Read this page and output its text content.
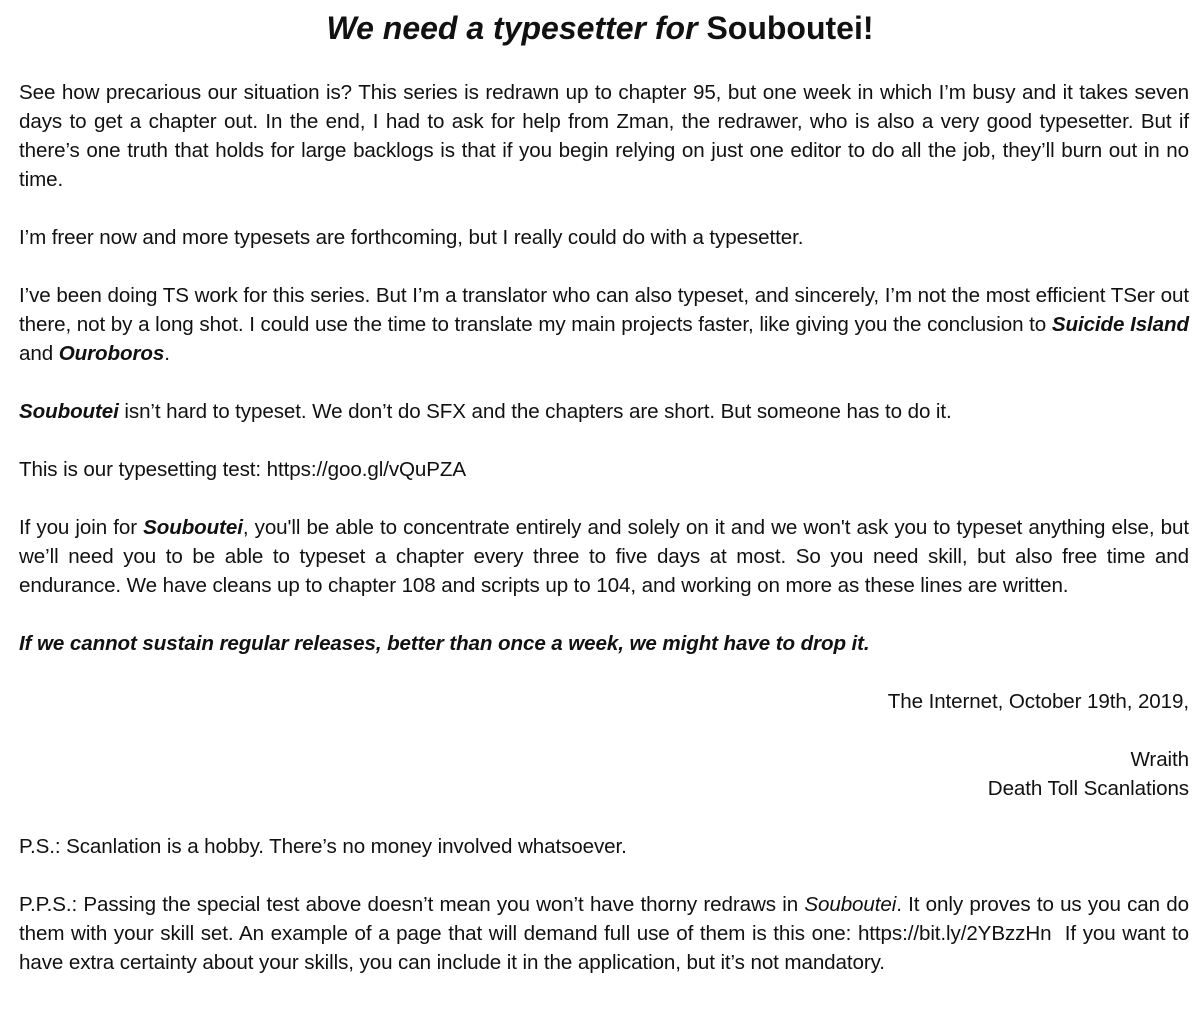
We need a typesetter for Souboutei!

See how precarious our situation is? This series is redrawn up to chapter 95, but one week in which I’m busy and it takes seven days to get a chapter out. In the end, I had to ask for help from Zman, the redrawer, who is also a very good typesetter. But if there’s one truth that holds for large backlogs is that if you begin relying on just one editor to do all the job, they’ll burn out in no time.

I’m freer now and more typesets are forthcoming, but I really could do with a typesetter.

I’ve been doing TS work for this series. But I’m a translator who can also typeset, and sincerely, I’m not the most efficient TSer out there, not by a long shot. I could use the time to translate my main projects faster, like giving you the conclusion to Suicide Island and Ouroboros.

Souboutei isn’t hard to typeset. We don’t do SFX and the chapters are short. But someone has to do it.

This is our typesetting test: https://goo.gl/vQuPZA

If you join for Souboutei, you'll be able to concentrate entirely and solely on it and we won't ask you to typeset anything else, but we’ll need you to be able to typeset a chapter every three to five days at most. So you need skill, but also free time and endurance. We have cleans up to chapter 108 and scripts up to 104, and working on more as these lines are written.

If we cannot sustain regular releases, better than once a week, we might have to drop it.

The Internet, October 19th, 2019,

Wraith

Death Toll Scanlations

P.S.: Scanlation is a hobby. There’s no money involved whatsoever.

P.P.S.: Passing the special test above doesn’t mean you won’t have thorny redraws in Souboutei. It only proves to us you can do them with your skill set. An example of a page that will demand full use of them is this one: https://bit.ly/2YBzzHn  If you want to have extra certainty about your skills, you can include it in the application, but it’s not mandatory.
